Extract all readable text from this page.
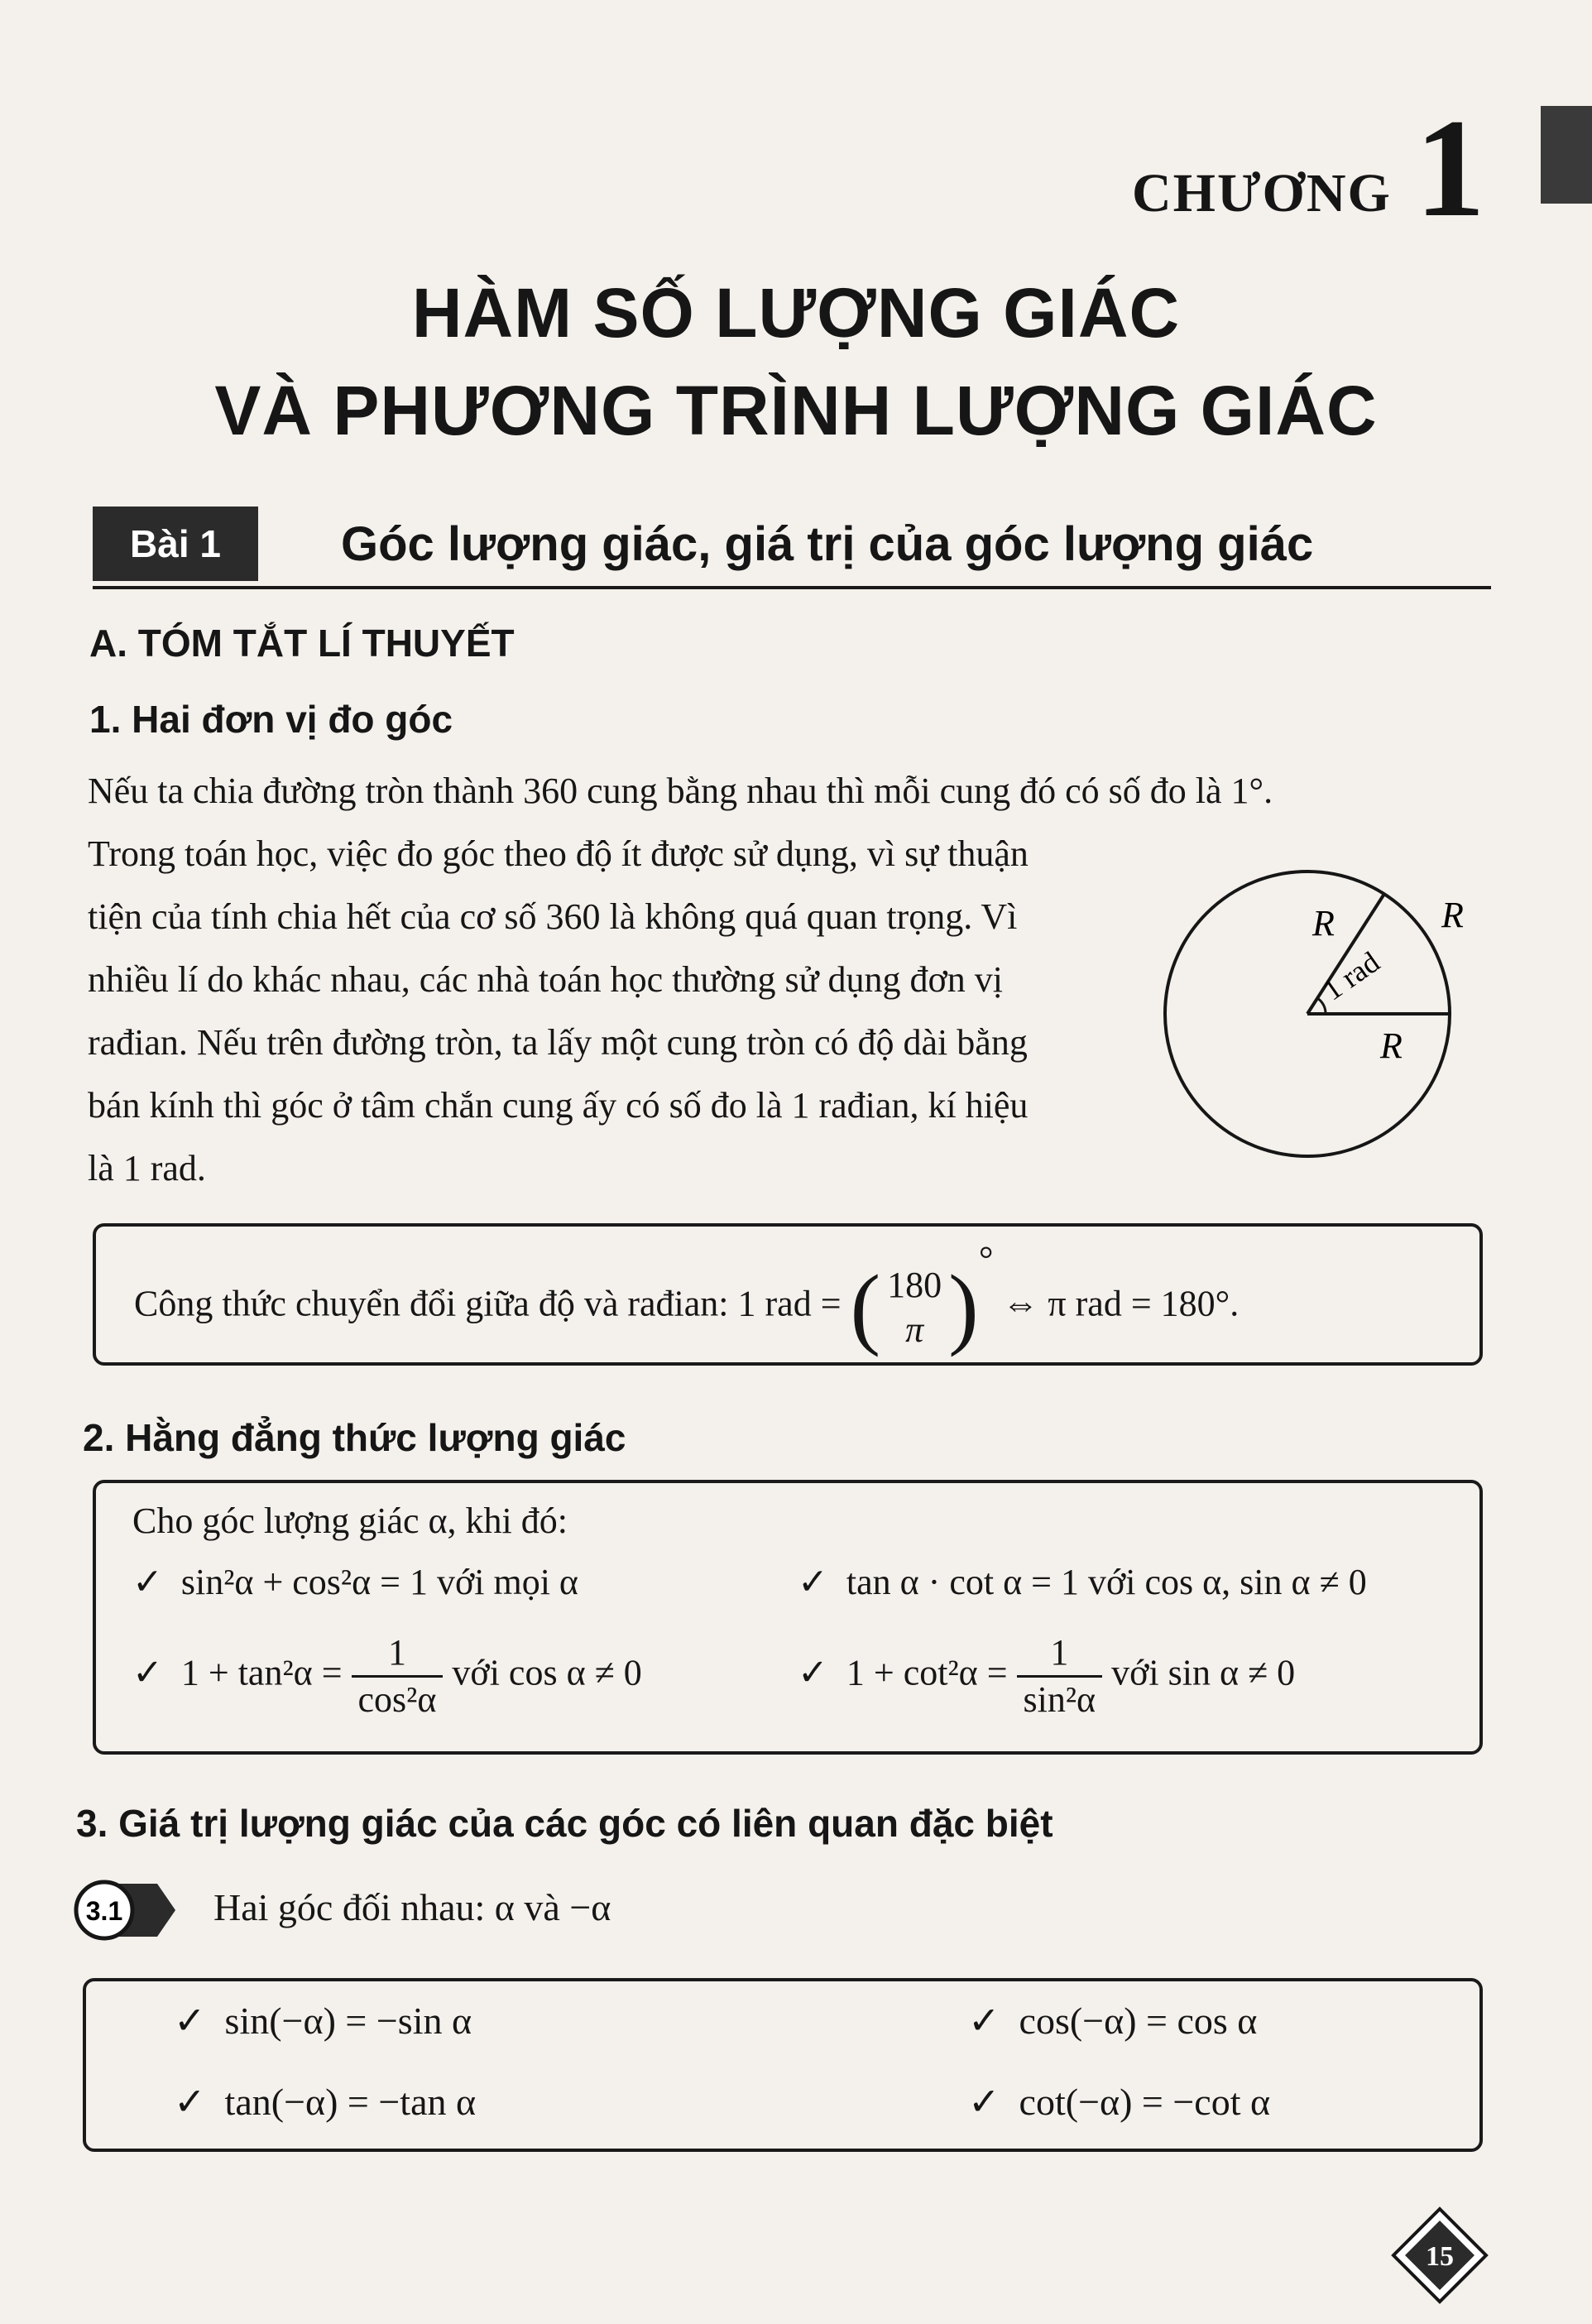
CHƯƠNG 1
HÀM SỐ LƯỢNG GIÁC
VÀ PHƯƠNG TRÌNH LƯỢNG GIÁC
Bài 1	Góc lượng giác, giá trị của góc lượng giác
A. TÓM TẮT LÍ THUYẾT
1. Hai đơn vị đo góc
Nếu ta chia đường tròn thành 360 cung bằng nhau thì mỗi cung đó có số đo là 1°.
Trong toán học, việc đo góc theo độ ít được sử dụng, vì sự thuận
tiện của tính chia hết của cơ số 360 là không quá quan trọng. Vì
nhiều lí do khác nhau, các nhà toán học thường sử dụng đơn vị
rađian. Nếu trên đường tròn, ta lấy một cung tròn có độ dài bằng
bán kính thì góc ở tâm chắn cung ấy có số đo là 1 rađian, kí hiệu
là 1 rad.
R	R
R
1 rad
Công thức chuyển đổi giữa độ và rađian: 1 rad = ( 180
π )° ⇔ π rad = 180°.
2. Hằng đẳng thức lượng giác
Cho góc lượng giác α, khi đó:
✓ sin²α + cos²α = 1 với mọi α	✓ tan α · cot α = 1 với cos α, sin α ≠ 0
✓ $1 + \tan^2\alpha = \frac{1}{\text{cos²α}}$ với cos α ≠ 0	✓ $1 + \cot^2\alpha = \frac{1}{\text{sin²α}}$ với sin α ≠ 0
3. Giá trị lượng giác của các góc có liên quan đặc biệt
3.1 Hai góc đối nhau: α và −α
✓ sin(−α) = −sin α	✓ cos(−α) = cos α
✓ tan(−α) = −tan α	✓ cot(−α) = −cot α
15
